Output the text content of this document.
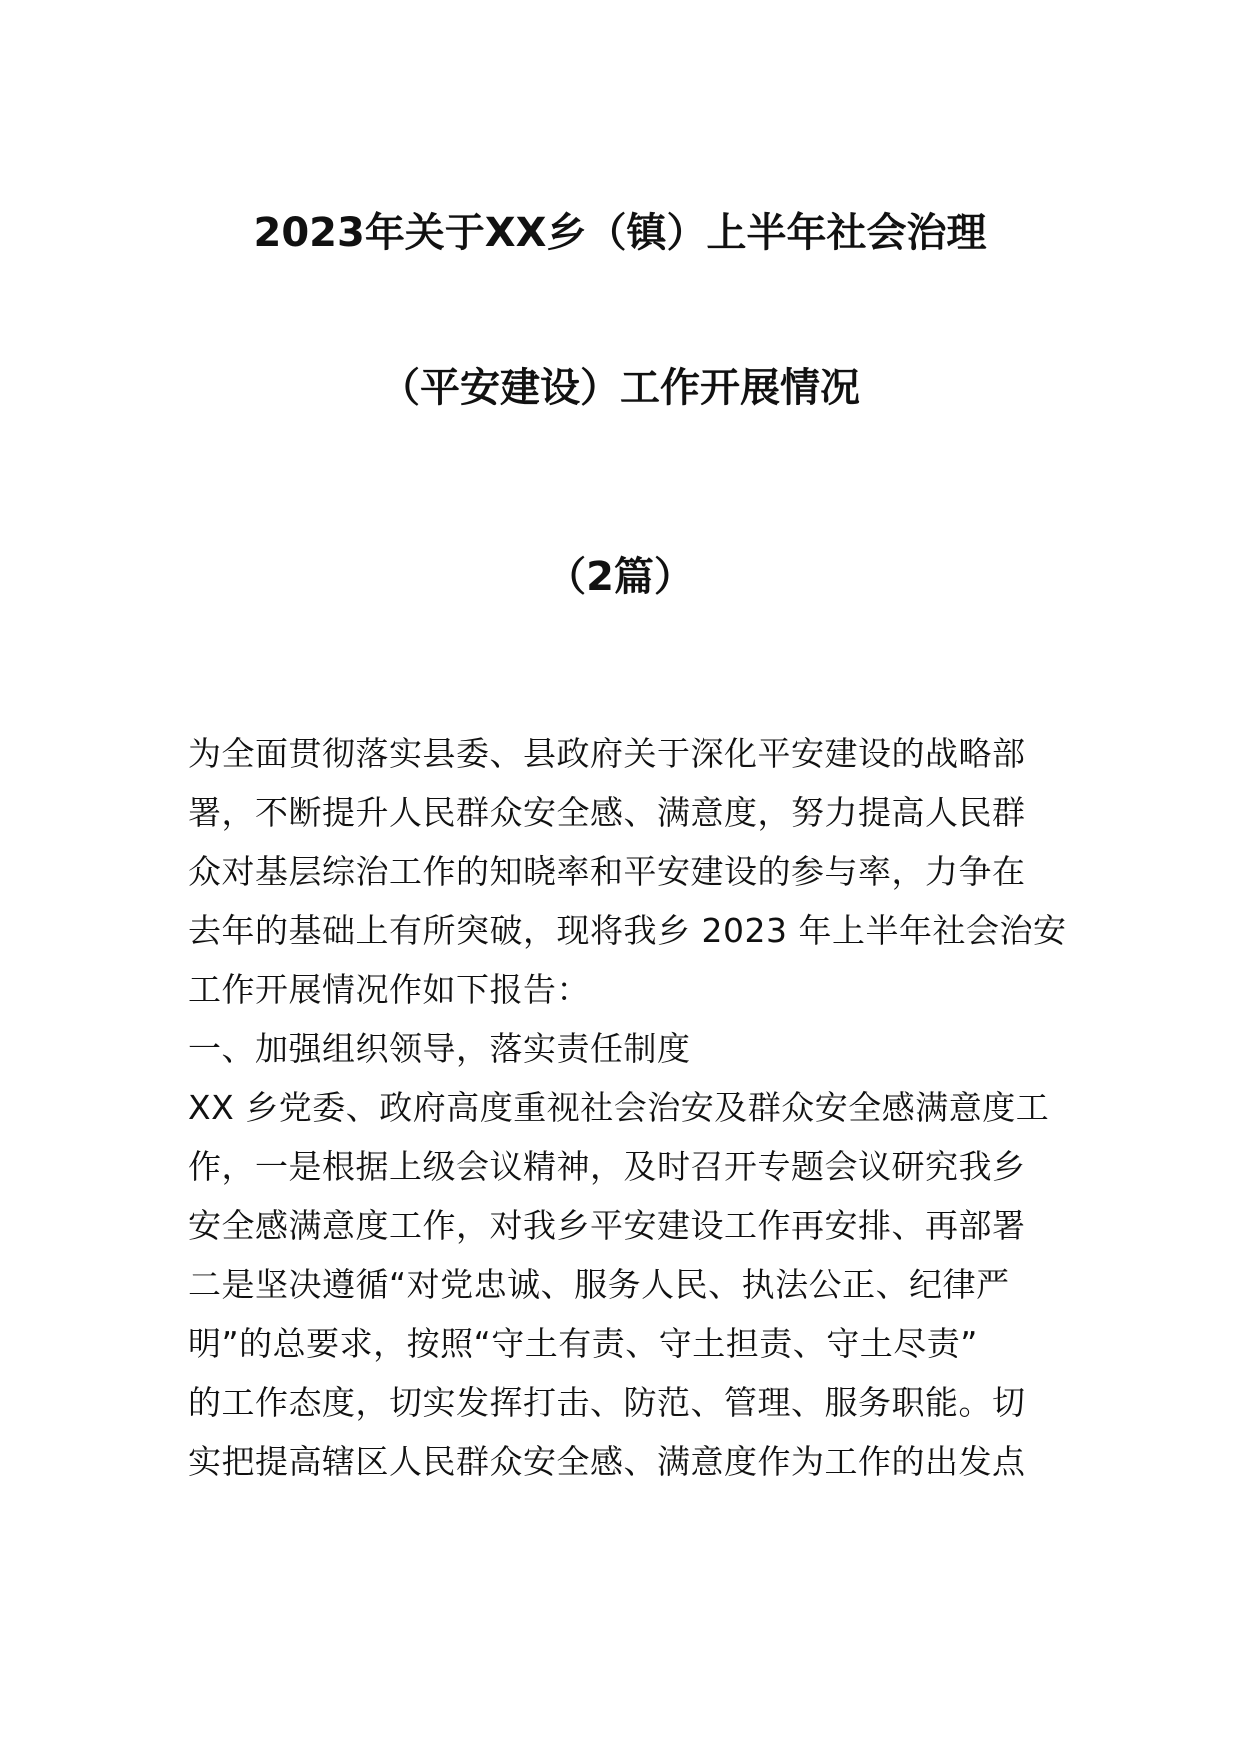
2023年关于XX乡（镇）上半年社会治理
（平安建设）工作开展情况
（2篇）
为全面贯彻落实县委、县政府关于深化平安建设的战略部
署，不断提升人民群众安全感、满意度，努力提高人民群
众对基层综治工作的知晓率和平安建设的参与率，力争在
去年的基础上有所突破，现将我乡 2023 年上半年社会治安
工作开展情况作如下报告：
一、加强组织领导，落实责任制度
XX 乡党委、政府高度重视社会治安及群众安全感满意度工
作，一是根据上级会议精神，及时召开专题会议研究我乡
安全感满意度工作，对我乡平安建设工作再安排、再部署
二是坚决遵循“对党忠诚、服务人民、执法公正、纪律严
明”的总要求，按照“守土有责、守土担责、守土尽责”
的工作态度，切实发挥打击、防范、管理、服务职能。切
实把提高辖区人民群众安全感、满意度作为工作的出发点
